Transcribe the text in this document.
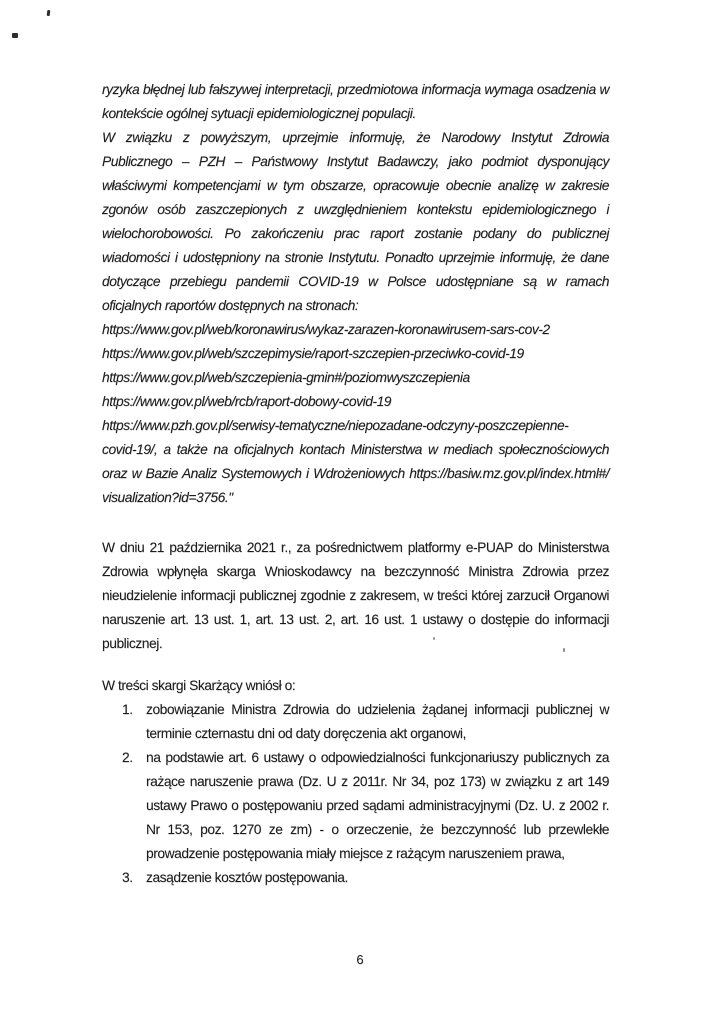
ryzyka błędnej lub fałszywej interpretacji, przedmiotowa informacja wymaga osadzenia w kontekście ogólnej sytuacji epidemiologicznej populacji.

W związku z powyższym, uprzejmie informuję, że Narodowy Instytut Zdrowia Publicznego – PZH – Państwowy Instytut Badawczy, jako podmiot dysponujący właściwymi kompetencjami w tym obszarze, opracowuje obecnie analizę w zakresie zgonów osób zaszczepionych z uwzględnieniem kontekstu epidemiologicznego i wielochorobowości. Po zakończeniu prac raport zostanie podany do publicznej wiadomości i udostępniony na stronie Instytutu. Ponadto uprzejmie informuję, że dane dotyczące przebiegu pandemii COVID-19 w Polsce udostępniane są w ramach oficjalnych raportów dostępnych na stronach:

https://www.gov.pl/web/koronawirus/wykaz-zarazen-koronawirusem-sars-cov-2
https://www.gov.pl/web/szczepimysie/raport-szczepien-przeciwko-covid-19
https://www.gov.pl/web/szczepienia-gmin#/poziomwyszczepienia
https://www.gov.pl/web/rcb/raport-dobowy-covid-19
https://www.pzh.gov.pl/serwisy-tematyczne/niepozadane-odczyny-poszczepienne-
covid-19/, a także na oficjalnych kontach Ministerstwa w mediach społecznościowych
oraz w Bazie Analiz Systemowych i Wdrożeniowych https://basiw.mz.gov.pl/index.html#/
visualization?id=3756."

W dniu 21 października 2021 r., za pośrednictwem platformy e-PUAP do Ministerstwa Zdrowia wpłynęła skarga Wnioskodawcy na bezczynność Ministra Zdrowia przez nieudzielenie informacji publicznej zgodnie z zakresem, w treści której zarzucił Organowi naruszenie art. 13 ust. 1, art. 13 ust. 2, art. 16 ust. 1 ustawy o dostępie do informacji publicznej.

W treści skargi Skarżący wniósł o:
1. zobowiązanie Ministra Zdrowia do udzielenia żądanej informacji publicznej w terminie czternastu dni od daty doręczenia akt organowi,
2. na podstawie art. 6 ustawy o odpowiedzialności funkcjonariuszy publicznych za rażące naruszenie prawa (Dz. U z 2011r. Nr 34, poz 173) w związku z art 149 ustawy Prawo o postępowaniu przed sądami administracyjnymi (Dz. U. z 2002 r. Nr 153, poz. 1270 ze zm) - o orzeczenie, że bezczynność lub przewlekłe prowadzenie postępowania miały miejsce z rażącym naruszeniem prawa,
3. zasądzenie kosztów postępowania.
6
